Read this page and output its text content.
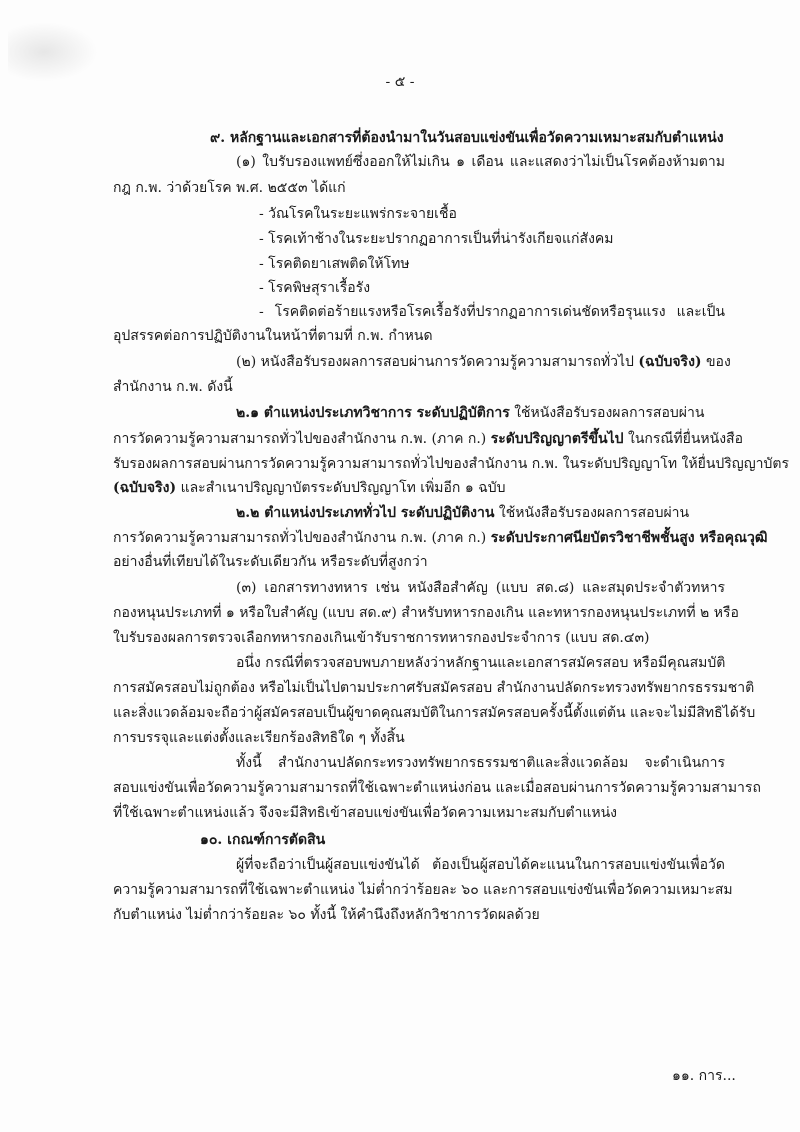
- ๕ -
๙. หลักฐานและเอกสารที่ต้องนำมาในวันสอบแข่งขันเพื่อวัดความเหมาะสมกับตำแหน่ง
(๑) ใบรับรองแพทย์ซึ่งออกให้ไม่เกิน ๑ เดือน และแสดงว่าไม่เป็นโรคต้องห้ามตาม
กฎ ก.พ. ว่าด้วยโรค พ.ศ. ๒๕๕๓ ได้แก่
- วัณโรคในระยะแพร่กระจายเชื้อ
- โรคเท้าช้างในระยะปรากฏอาการเป็นที่น่ารังเกียจแก่สังคม
- โรคติดยาเสพติดให้โทษ
- โรคพิษสุราเรื้อรัง
- โรคติดต่อร้ายแรงหรือโรคเรื้อรังที่ปรากฏอาการเด่นชัดหรือรุนแรง และเป็น
อุปสรรคต่อการปฏิบัติงานในหน้าที่ตามที่ ก.พ. กำหนด
(๒) หนังสือรับรองผลการสอบผ่านการวัดความรู้ความสามารถทั่วไป (ฉบับจริง) ของ
สำนักงาน ก.พ. ดังนี้
๒.๑ ตำแหน่งประเภทวิชาการ ระดับปฏิบัติการ ใช้หนังสือรับรองผลการสอบผ่าน
การวัดความรู้ความสามารถทั่วไปของสำนักงาน ก.พ. (ภาค ก.) ระดับปริญญาตรีขึ้นไป ในกรณีที่ยื่นหนังสือ
รับรองผลการสอบผ่านการวัดความรู้ความสามารถทั่วไปของสำนักงาน ก.พ. ในระดับปริญญาโท ให้ยื่นปริญญาบัตร
(ฉบับจริง) และสำเนาปริญญาบัตรระดับปริญญาโท เพิ่มอีก ๑ ฉบับ
๒.๒ ตำแหน่งประเภททั่วไป ระดับปฏิบัติงาน ใช้หนังสือรับรองผลการสอบผ่าน
การวัดความรู้ความสามารถทั่วไปของสำนักงาน ก.พ. (ภาค ก.) ระดับประกาศนียบัตรวิชาชีพชั้นสูง หรือคุณวุฒิ
อย่างอื่นที่เทียบได้ในระดับเดียวกัน หรือระดับที่สูงกว่า
(๓) เอกสารทางทหาร เช่น หนังสือสำคัญ (แบบ สด.๘) และสมุดประจำตัวทหาร
กองหนุนประเภทที่ ๑ หรือใบสำคัญ (แบบ สด.๙) สำหรับทหารกองเกิน และทหารกองหนุนประเภทที่ ๒ หรือ
ใบรับรองผลการตรวจเลือกทหารกองเกินเข้ารับราชการทหารกองประจำการ (แบบ สด.๔๓)
อนึ่ง กรณีที่ตรวจสอบพบภายหลังว่าหลักฐานและเอกสารสมัครสอบ หรือมีคุณสมบัติ
การสมัครสอบไม่ถูกต้อง หรือไม่เป็นไปตามประกาศรับสมัครสอบ สำนักงานปลัดกระทรวงทรัพยากรธรรมชาติ
และสิ่งแวดล้อมจะถือว่าผู้สมัครสอบเป็นผู้ขาดคุณสมบัติในการสมัครสอบครั้งนี้ตั้งแต่ต้น และจะไม่มีสิทธิได้รับ
การบรรจุและแต่งตั้งและเรียกร้องสิทธิใด ๆ ทั้งสิ้น
ทั้งนี้ สำนักงานปลัดกระทรวงทรัพยากรธรรมชาติและสิ่งแวดล้อม จะดำเนินการ
สอบแข่งขันเพื่อวัดความรู้ความสามารถที่ใช้เฉพาะตำแหน่งก่อน และเมื่อสอบผ่านการวัดความรู้ความสามารถ
ที่ใช้เฉพาะตำแหน่งแล้ว จึงจะมีสิทธิเข้าสอบแข่งขันเพื่อวัดความเหมาะสมกับตำแหน่ง
๑๐. เกณฑ์การตัดสิน
ผู้ที่จะถือว่าเป็นผู้สอบแข่งขันได้ ต้องเป็นผู้สอบได้คะแนนในการสอบแข่งขันเพื่อวัด
ความรู้ความสามารถที่ใช้เฉพาะตำแหน่ง ไม่ต่ำกว่าร้อยละ ๖๐ และการสอบแข่งขันเพื่อวัดความเหมาะสม
กับตำแหน่ง ไม่ต่ำกว่าร้อยละ ๖๐ ทั้งนี้ ให้คำนึงถึงหลักวิชาการวัดผลด้วย
๑๑. การ...
